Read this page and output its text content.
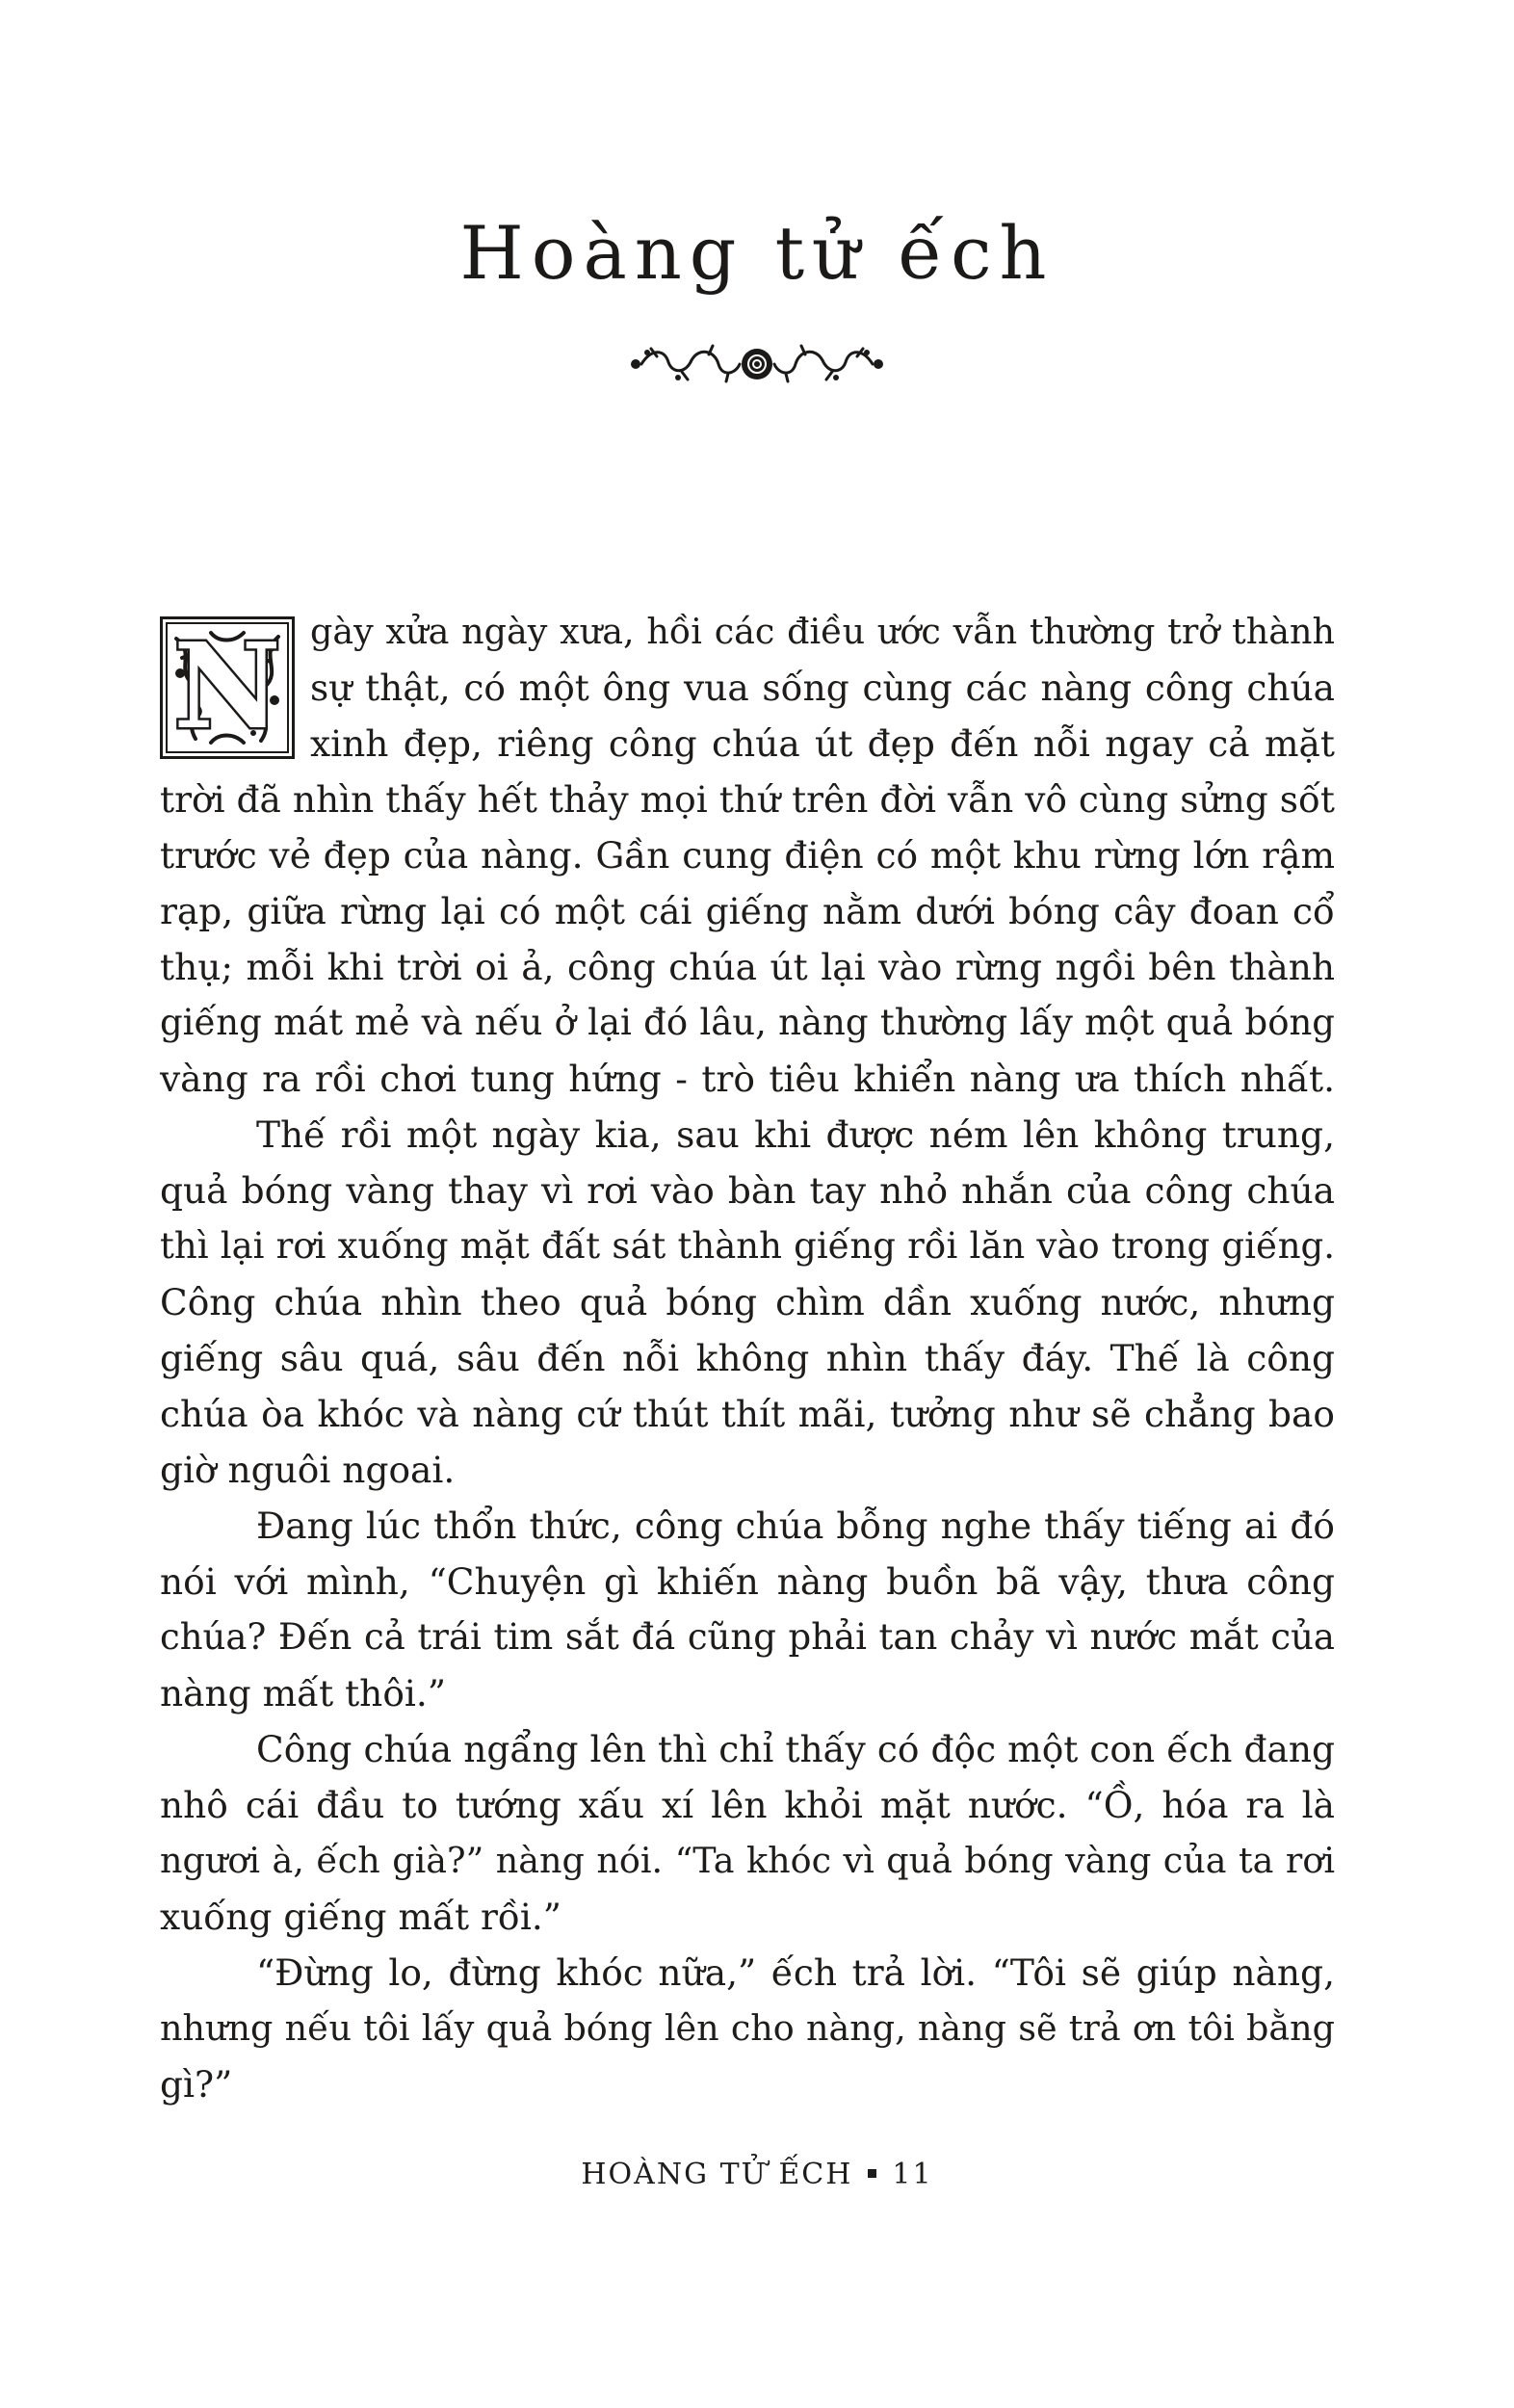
Hoàng tử ếch
N gày xửa ngày xưa, hồi các điều ước vẫn thường trở thành

sự thật, có một ông vua sống cùng các nàng công chúa

xinh đẹp, riêng công chúa út đẹp đến nỗi ngay cả mặt

trời đã nhìn thấy hết thảy mọi thứ trên đời vẫn vô cùng sửng sốt

trước vẻ đẹp của nàng. Gần cung điện có một khu rừng lớn rậm

rạp, giữa rừng lại có một cái giếng nằm dưới bóng cây đoan cổ

thụ; mỗi khi trời oi ả, công chúa út lại vào rừng ngồi bên thành

giếng mát mẻ và nếu ở lại đó lâu, nàng thường lấy một quả bóng

vàng ra rồi chơi tung hứng - trò tiêu khiển nàng ưa thích nhất.

Thế rồi một ngày kia, sau khi được ném lên không trung,

quả bóng vàng thay vì rơi vào bàn tay nhỏ nhắn của công chúa

thì lại rơi xuống mặt đất sát thành giếng rồi lăn vào trong giếng.

Công chúa nhìn theo quả bóng chìm dần xuống nước, nhưng

giếng sâu quá, sâu đến nỗi không nhìn thấy đáy. Thế là công

chúa òa khóc và nàng cứ thút thít mãi, tưởng như sẽ chẳng bao

giờ nguôi ngoai.

Đang lúc thổn thức, công chúa bỗng nghe thấy tiếng ai đó

nói với mình, “Chuyện gì khiến nàng buồn bã vậy, thưa công

chúa? Đến cả trái tim sắt đá cũng phải tan chảy vì nước mắt của

nàng mất thôi.”

Công chúa ngẩng lên thì chỉ thấy có độc một con ếch đang

nhô cái đầu to tướng xấu xí lên khỏi mặt nước. “Ồ, hóa ra là

ngươi à, ếch già?” nàng nói. “Ta khóc vì quả bóng vàng của ta rơi

xuống giếng mất rồi.”

“Đừng lo, đừng khóc nữa,” ếch trả lời. “Tôi sẽ giúp nàng,

nhưng nếu tôi lấy quả bóng lên cho nàng, nàng sẽ trả ơn tôi bằng

gì?”

HOÀNG TỬ ẾCH 11
